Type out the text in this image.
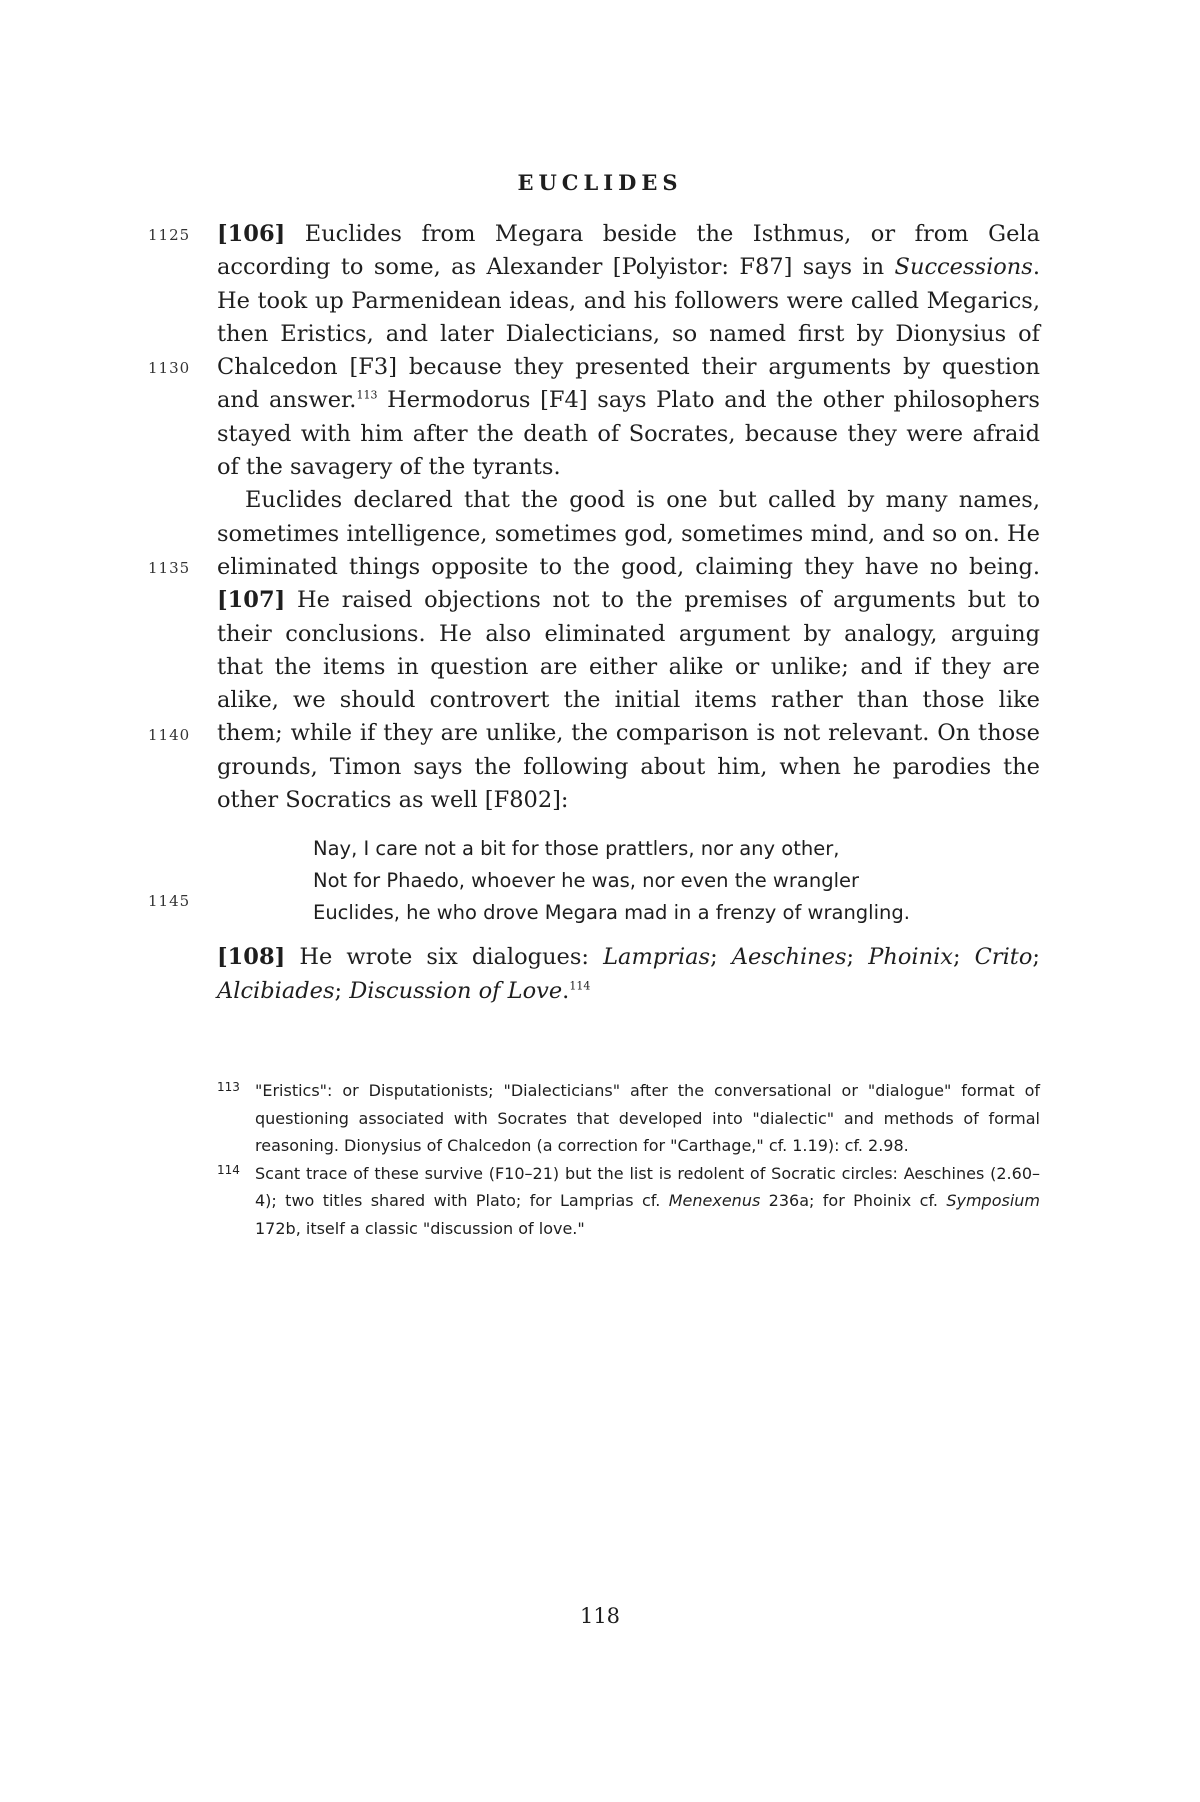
EUCLIDES
1125
1130
1135
1140
1145

[106] Euclides from Megara beside the Isthmus, or from Gela according to some, as Alexander [Polyistor: F87] says in Successions. He took up Parmenidean ideas, and his followers were called Megarics, then Eristics, and later Dialecticians, so named first by Dionysius of Chalcedon [F3] because they presented their arguments by question and answer.$^{113}$ Hermodorus [F4] says Plato and the other philosophers stayed with him after the death of Socrates, because they were afraid of the savagery of the tyrants.

Euclides declared that the good is one but called by many names, sometimes intelligence, sometimes god, sometimes mind, and so on. He eliminated things opposite to the good, claiming they have no being. [107] He raised objections not to the premises of arguments but to their conclusions. He also eliminated argument by analogy, arguing that the items in question are either alike or unlike; and if they are alike, we should controvert the initial items rather than those like them; while if they are unlike, the comparison is not relevant. On those grounds, Timon says the following about him, when he parodies the other Socratics as well [F802]:

Nay, I care not a bit for those prattlers, nor any other,
Not for Phaedo, whoever he was, nor even the wrangler
Euclides, he who drove Megara mad in a frenzy of wrangling.
[108] He wrote six dialogues: Lamprias; Aeschines; Phoinix; Crito; Alcibiades; Discussion of Love.$^{114}$
113 "Eristics": or Disputationists; "Dialecticians" after the conversational or "dialogue" format of questioning associated with Socrates that developed into "dialectic" and methods of formal reasoning. Dionysius of Chalcedon (a correction for "Carthage," cf. 1.19): cf. 2.98.
114 Scant trace of these survive (F10–21) but the list is redolent of Socratic circles: Aeschines (2.60–4); two titles shared with Plato; for Lamprias cf. Menexenus 236a; for Phoinix cf. Symposium 172b, itself a classic "discussion of love."
118
